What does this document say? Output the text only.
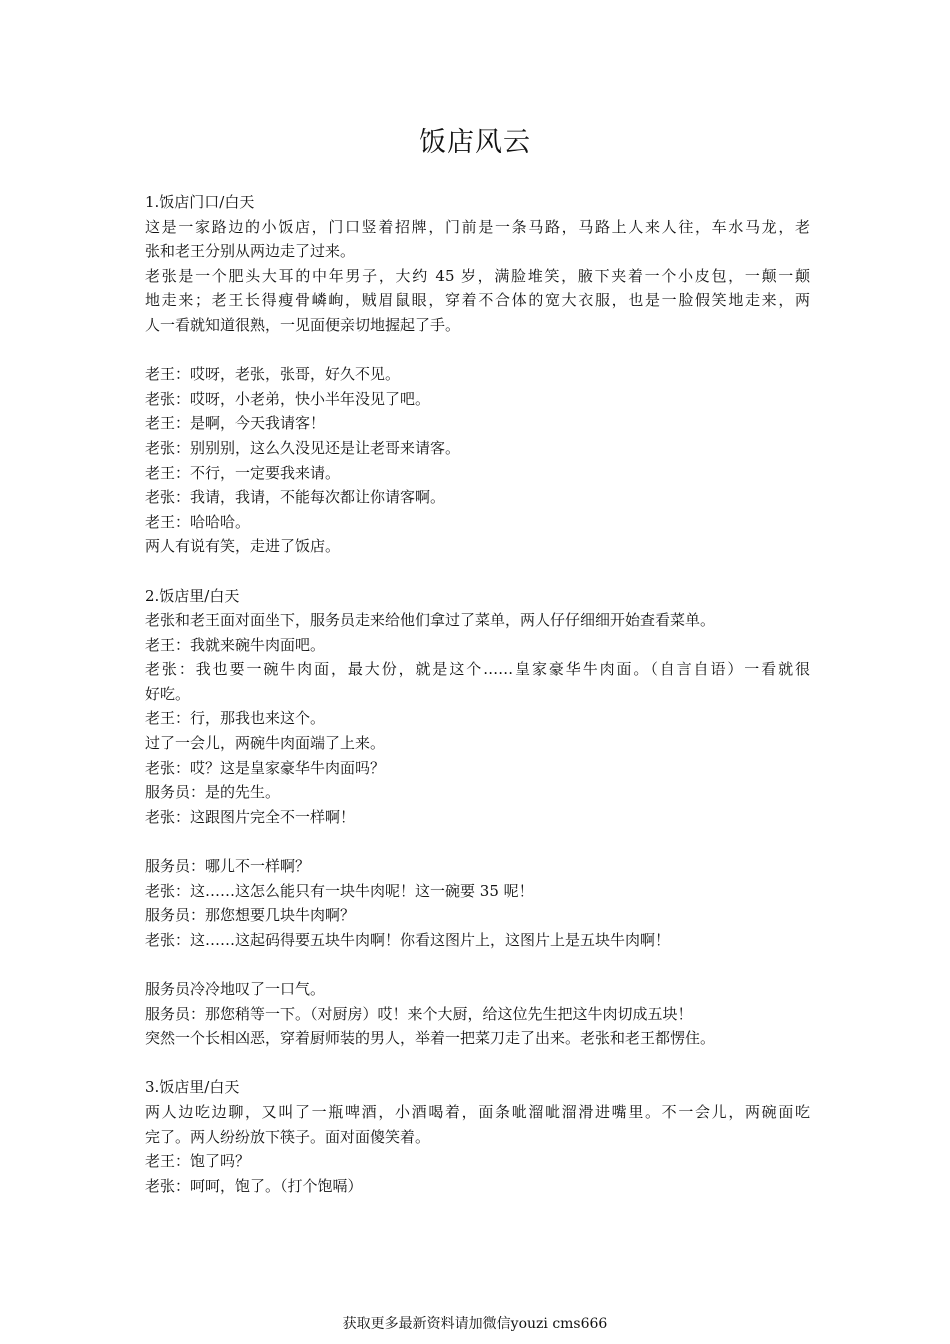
饭店风云
1.饭店门口/白天
这是一家路边的小饭店，门口竖着招牌，门前是一条马路，马路上人来人往，车水马龙，老
张和老王分别从两边走了过来。
老张是一个肥头大耳的中年男子，大约 45 岁，满脸堆笑，腋下夹着一个小皮包，一颠一颠
地走来；老王长得瘦骨嶙峋，贼眉鼠眼，穿着不合体的宽大衣服，也是一脸假笑地走来，两
人一看就知道很熟，一见面便亲切地握起了手。
老王：哎呀，老张，张哥，好久不见。
老张：哎呀，小老弟，快小半年没见了吧。
老王：是啊，今天我请客！
老张：别别别，这么久没见还是让老哥来请客。
老王：不行，一定要我来请。
老张：我请，我请，不能每次都让你请客啊。
老王：哈哈哈。
两人有说有笑，走进了饭店。
2.饭店里/白天
老张和老王面对面坐下，服务员走来给他们拿过了菜单，两人仔仔细细开始查看菜单。
老王：我就来碗牛肉面吧。
老张：我也要一碗牛肉面，最大份，就是这个……皇家豪华牛肉面。（自言自语）一看就很
好吃。
老王：行，那我也来这个。
过了一会儿，两碗牛肉面端了上来。
老张：哎？这是皇家豪华牛肉面吗？
服务员：是的先生。
老张：这跟图片完全不一样啊！
服务员：哪儿不一样啊？
老张：这……这怎么能只有一块牛肉呢！这一碗要 35 呢！
服务员：那您想要几块牛肉啊？
老张：这……这起码得要五块牛肉啊！你看这图片上，这图片上是五块牛肉啊！
服务员冷冷地叹了一口气。
服务员：那您稍等一下。（对厨房）哎！来个大厨，给这位先生把这牛肉切成五块！
突然一个长相凶恶，穿着厨师装的男人，举着一把菜刀走了出来。老张和老王都愣住。
3.饭店里/白天
两人边吃边聊，又叫了一瓶啤酒，小酒喝着，面条呲溜呲溜滑进嘴里。不一会儿，两碗面吃
完了。两人纷纷放下筷子。面对面傻笑着。
老王：饱了吗？
老张：呵呵，饱了。（打个饱嗝）
获取更多最新资料请加微信youzi cms666
